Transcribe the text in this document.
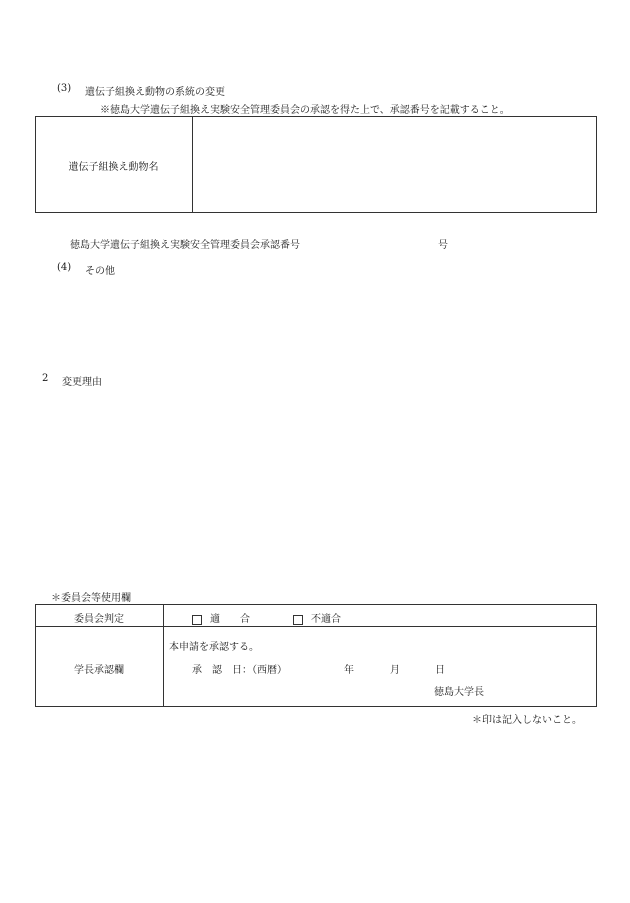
(3) 遺伝子組換え動物の系統の変更
※徳島大学遺伝子組換え実験安全管理委員会の承認を得た上で、承認番号を記載すること。
遺伝子組換え動物名
徳島大学遺伝子組換え実験安全管理委員会承認番号	号
(4) その他
2 変更理由
＊委員会等使用欄
委員会判定	適　　合	不適合
学長承認欄
本申請を承認する。
承　認　日：（西暦）	年	月	日
徳島大学長
＊印は記入しないこと。
